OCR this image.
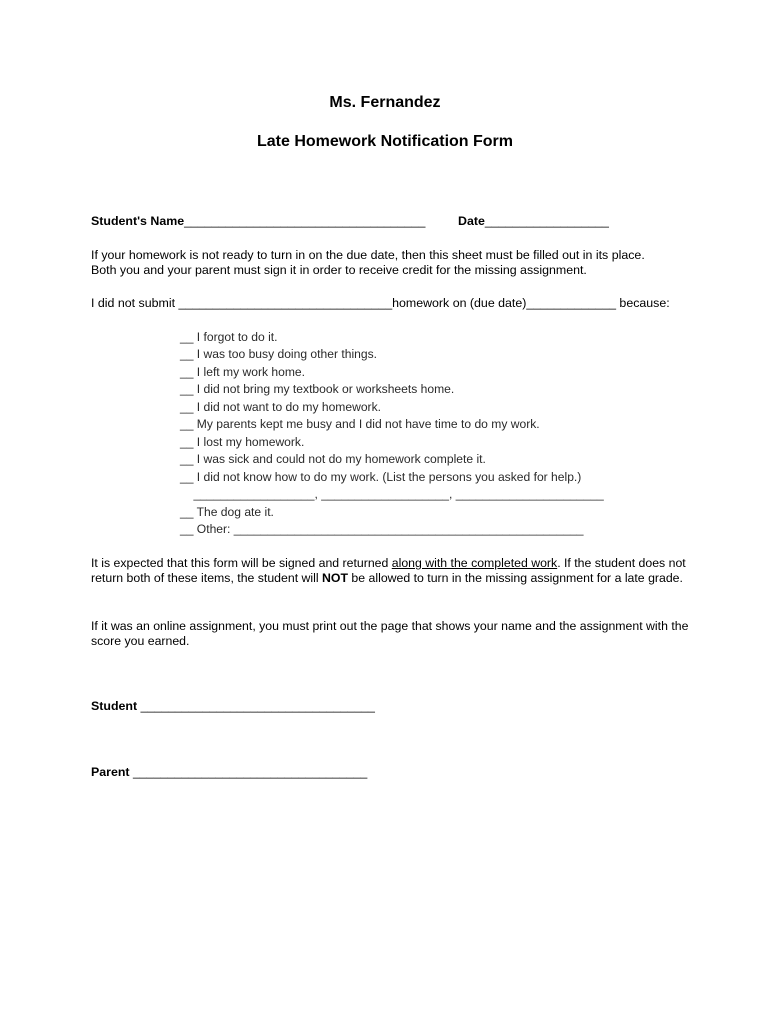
Ms. Fernandez
Late Homework Notification Form
Student's Name___________________________________	Date__________________
If your homework is not ready to turn in on the due date, then this sheet must be filled out in its place.
Both you and your parent must sign it in order to receive credit for the missing assignment.
I did not submit _______________________________homework on (due date)_____________ because:
__ I forgot to do it.
__ I was too busy doing other things.
__ I left my work home.
__ I did not bring my textbook or worksheets home.
__ I did not want to do my homework.
__ My parents kept me busy and I did not have time to do my work.
__ I lost my homework.
__ I was sick and could not do my homework complete it.
__ I did not know how to do my work. (List the persons you asked for help.)
__________________, ___________________, ______________________
__ The dog ate it.
__ Other: ____________________________________________________
It is expected that this form will be signed and returned along with the completed work. If the student does not return both of these items, the student will NOT be allowed to turn in the missing assignment for a late grade.
If it was an online assignment, you must print out the page that shows your name and the assignment with the score you earned.
Student __________________________________
Parent __________________________________
